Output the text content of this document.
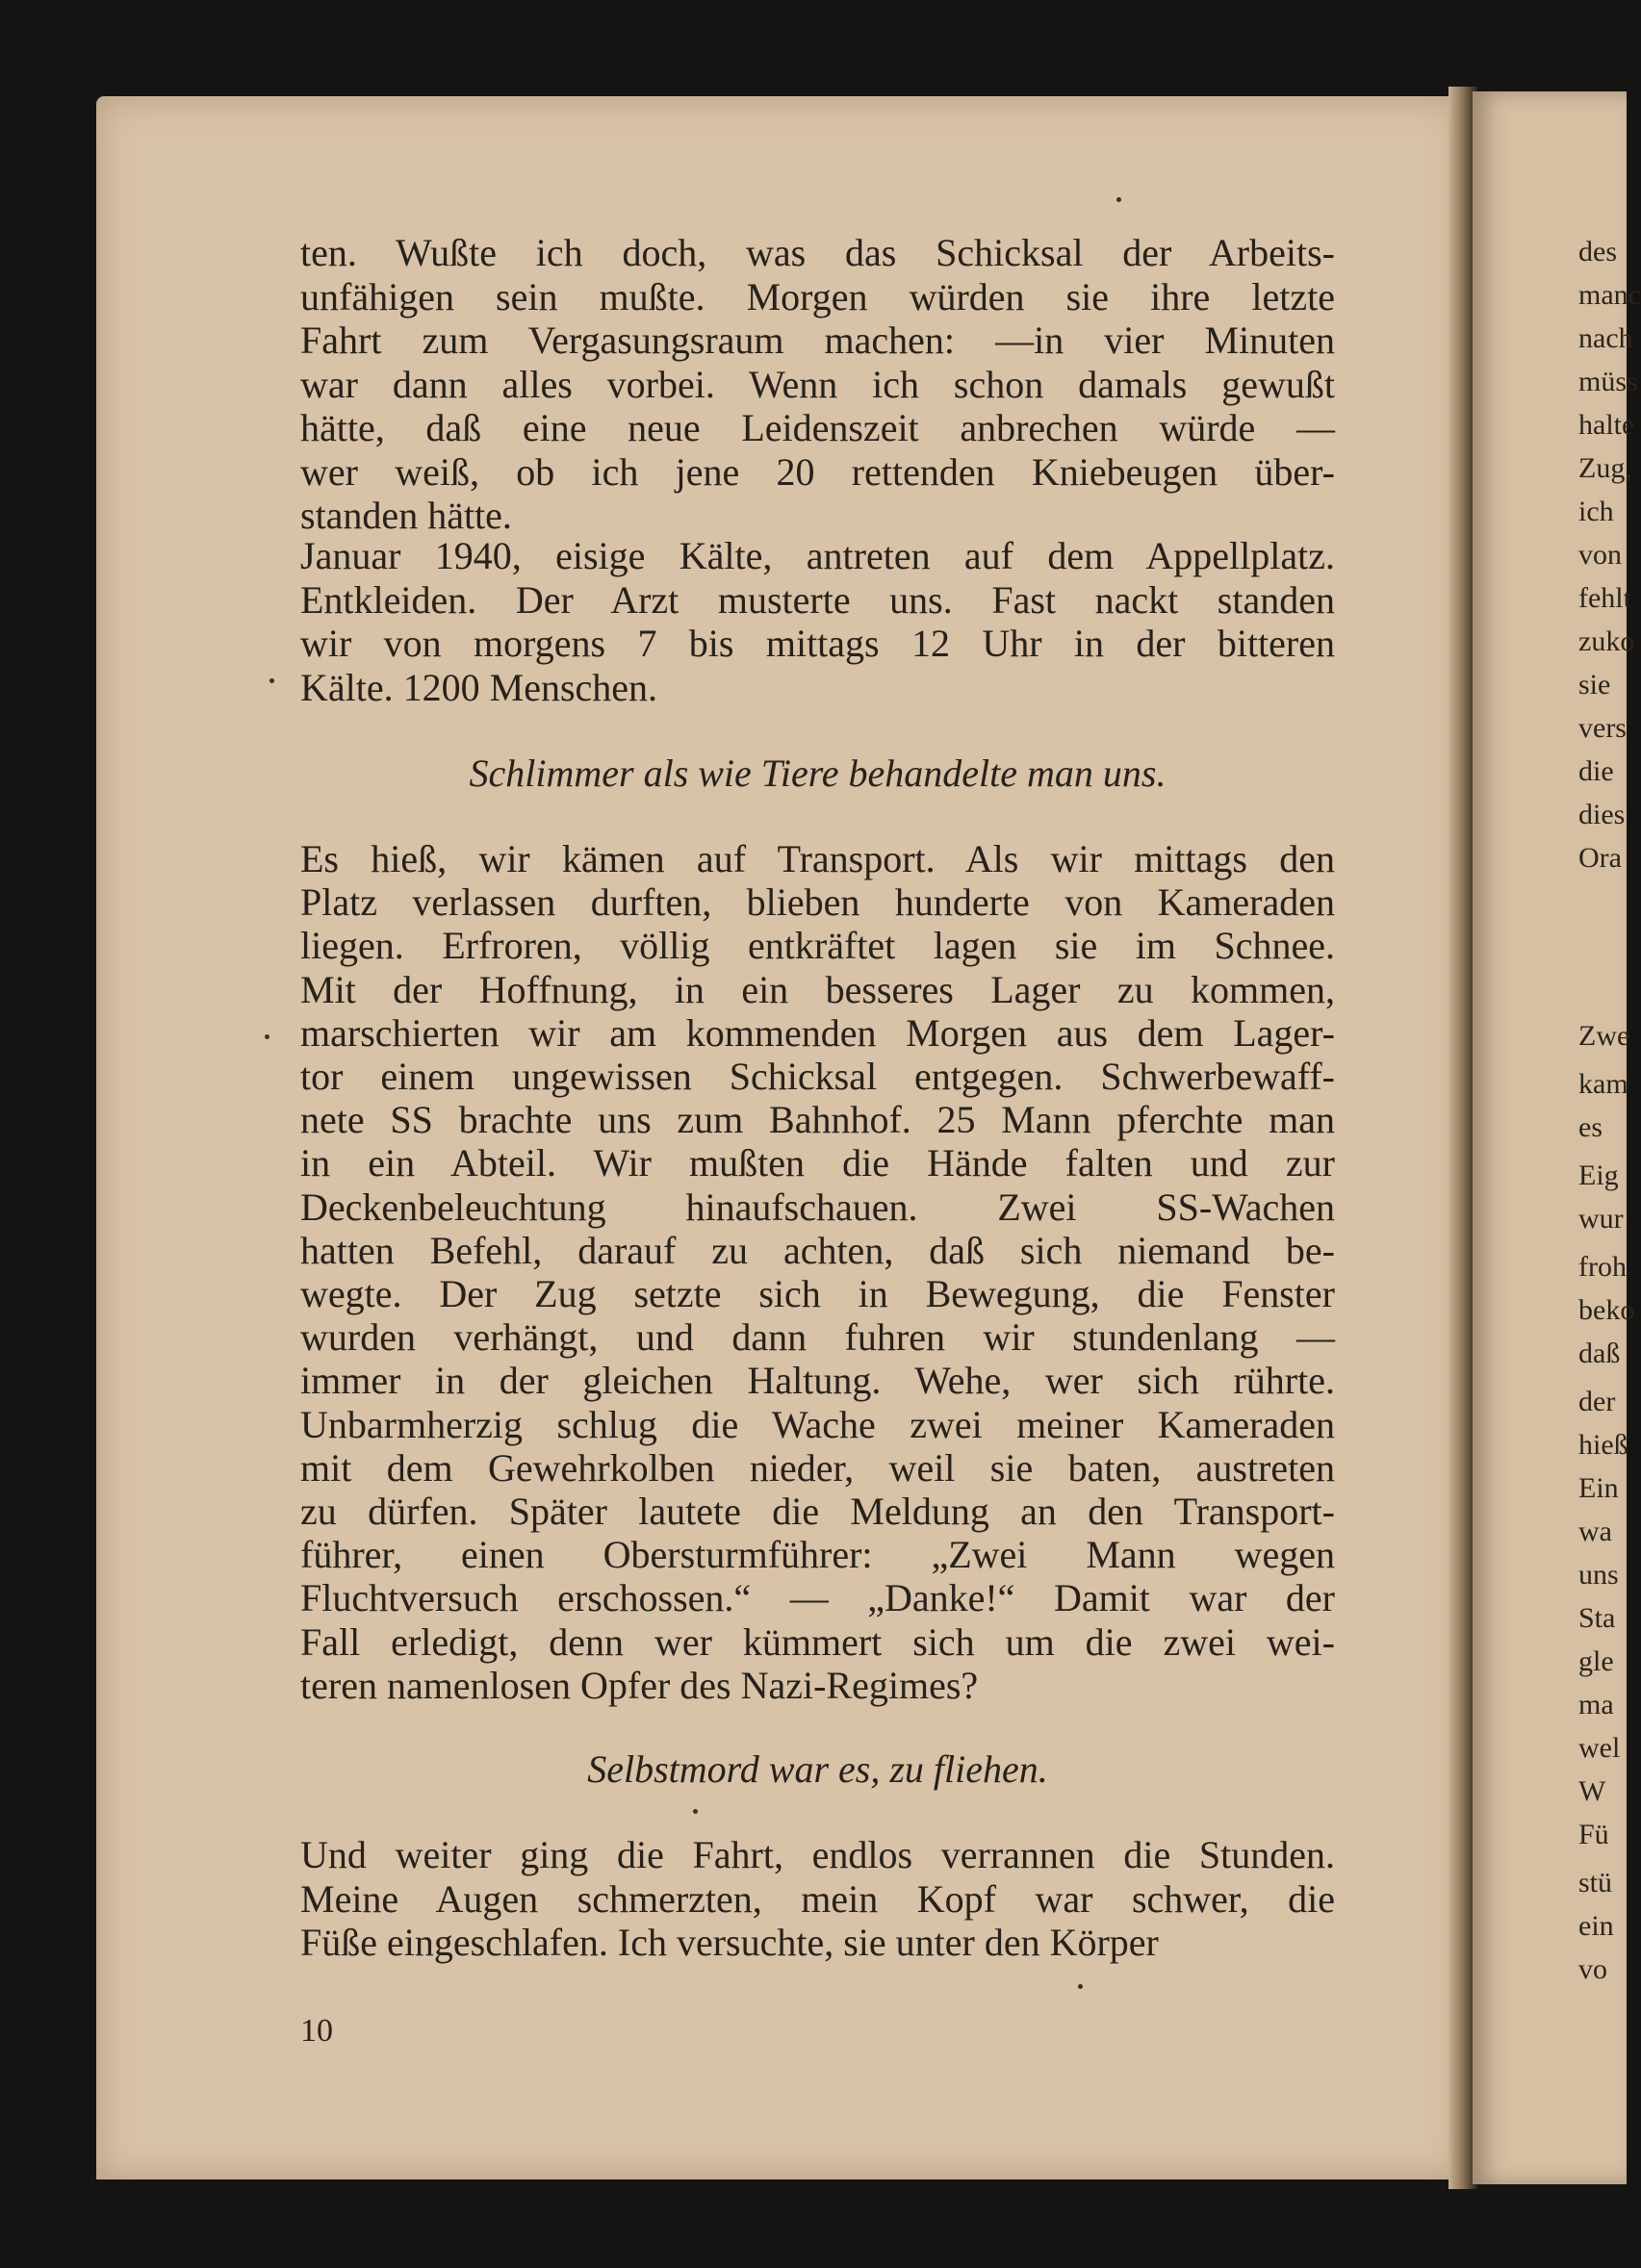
ten. Wußte ich doch, was das Schicksal der Arbeits-

unfähigen sein mußte. Morgen würden sie ihre letzte

Fahrt zum Vergasungsraum machen: —in vier Minuten

war dann alles vorbei. Wenn ich schon damals gewußt

hätte, daß eine neue Leidenszeit anbrechen würde —

wer weiß, ob ich jene 20 rettenden Kniebeugen über-

standen hätte.

Januar 1940, eisige Kälte, antreten auf dem Appellplatz.

Entkleiden. Der Arzt musterte uns. Fast nackt standen

wir von morgens 7 bis mittags 12 Uhr in der bitteren

Kälte. 1200 Menschen.

Schlimmer als wie Tiere behandelte man uns.

Es hieß, wir kämen auf Transport. Als wir mittags den

Platz verlassen durften, blieben hunderte von Kameraden

liegen. Erfroren, völlig entkräftet lagen sie im Schnee.

Mit der Hoffnung, in ein besseres Lager zu kommen,

marschierten wir am kommenden Morgen aus dem Lager-

tor einem ungewissen Schicksal entgegen. Schwerbewaff-

nete SS brachte uns zum Bahnhof. 25 Mann pferchte man

in ein Abteil. Wir mußten die Hände falten und zur

Deckenbeleuchtung hinaufschauen. Zwei SS-Wachen

hatten Befehl, darauf zu achten, daß sich niemand be-

wegte. Der Zug setzte sich in Bewegung, die Fenster

wurden verhängt, und dann fuhren wir stundenlang —

immer in der gleichen Haltung. Wehe, wer sich rührte.

Unbarmherzig schlug die Wache zwei meiner Kameraden

mit dem Gewehrkolben nieder, weil sie baten, austreten

zu dürfen. Später lautete die Meldung an den Transport-

führer, einen Obersturmführer: „Zwei Mann wegen

Fluchtversuch erschossen.“ — „Danke!“ Damit war der

Fall erledigt, denn wer kümmert sich um die zwei wei-

teren namenlosen Opfer des Nazi-Regimes?

Selbstmord war es, zu fliehen.

Und weiter ging die Fahrt, endlos verrannen die Stunden.

Meine Augen schmerzten, mein Kopf war schwer, die

Füße eingeschlafen. Ich versuchte, sie unter den Körper

10
des
manc
nach
müss
halte
Zug,
ich
von
fehlt
zuko
sie
vers
die
dies
Ora
Zwe
kam
es
Eig
wur
froh
beko
daß
der
hieß
Ein
wa
uns
Sta
gle
ma
wel
W
Fü
stü
ein
vo
